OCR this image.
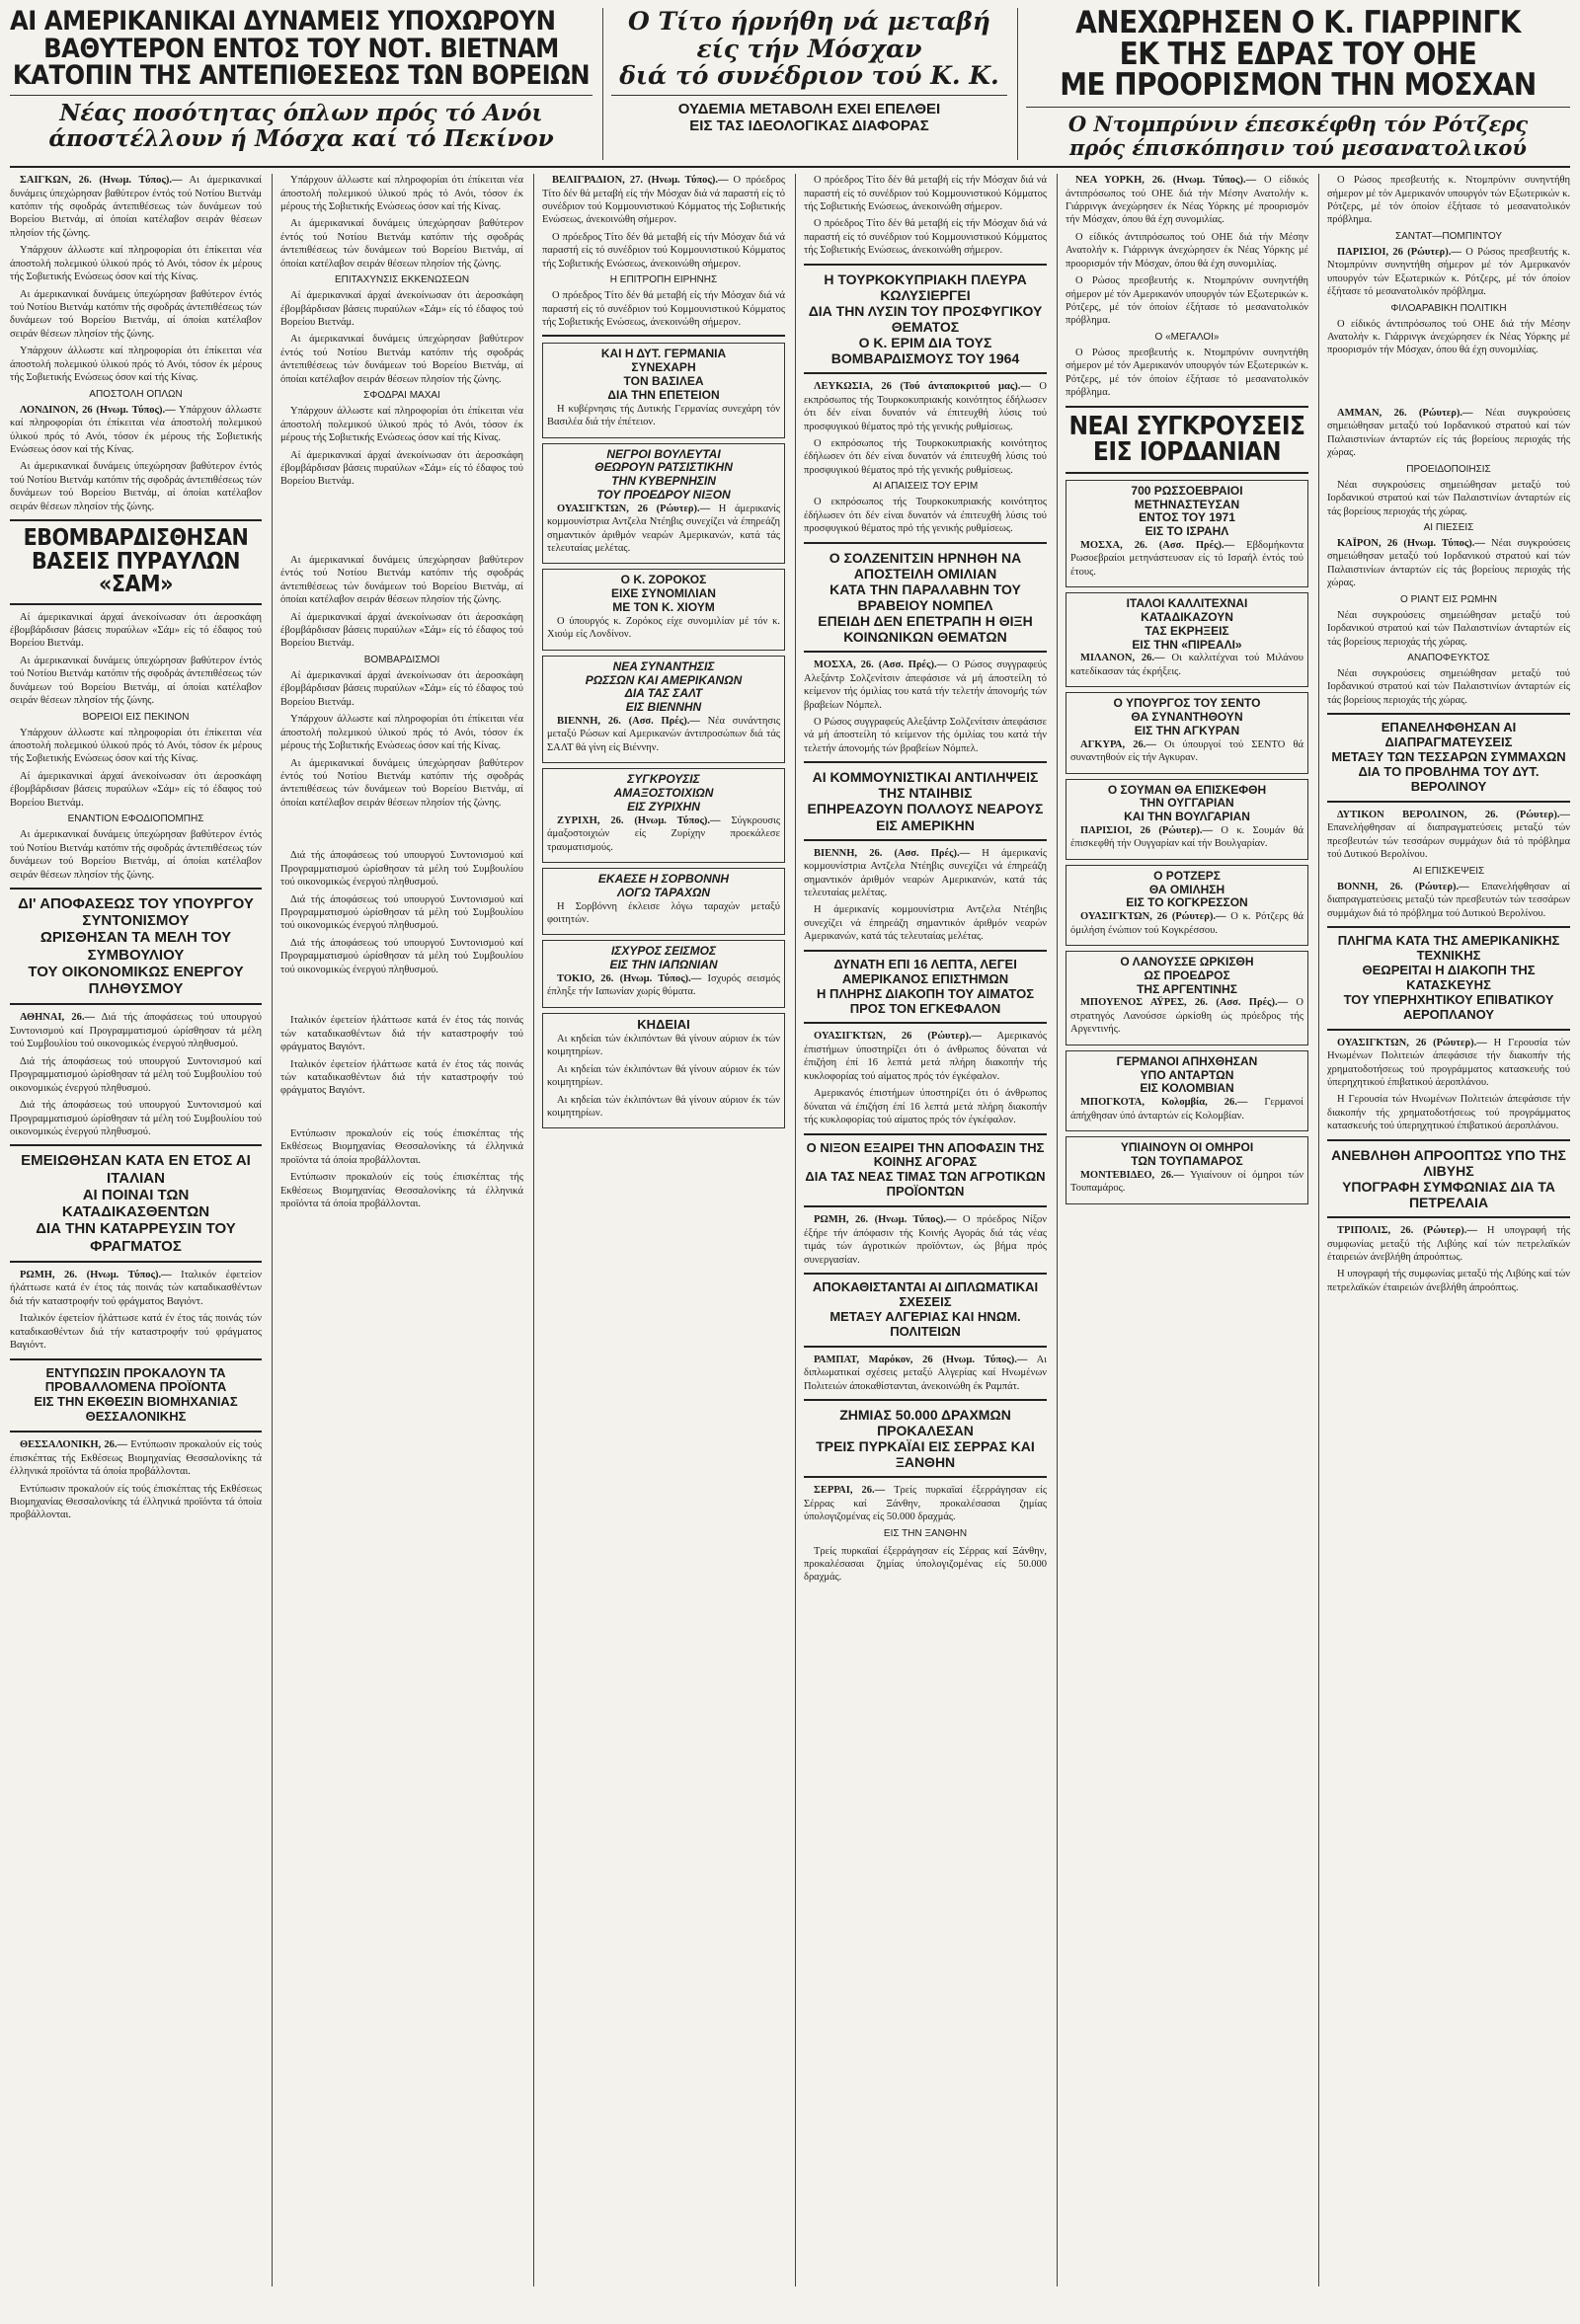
ΑΙ ΑΜΕΡΙΚΑΝΙΚΑΙ ΔΥΝΑΜΕΙΣ ΥΠΟΧΩΡΟΥΝ
ΒΑΘΥΤΕΡΟΝ ΕΝΤΟΣ ΤΟΥ ΝΟΤ. ΒΙΕΤΝΑΜ
ΚΑΤΟΠΙΝ ΤΗΣ ΑΝΤΕΠΙΘΕΣΕΩΣ ΤΩΝ ΒΟΡΕΙΩΝ
Νέας ποσότητας όπλων πρός τό Ανόι
άποστέλλουν ή Μόσχα καί τό Πεκίνον
Ο Τίτο ήρνήθη νά μεταβή
είς τήν Μόσχαν
διά τό συνέδριον τού Κ. Κ.
ΟΥΔΕΜΙΑ ΜΕΤΑΒΟΛΗ ΕΧΕΙ ΕΠΕΛΘΕΙ
ΕΙΣ ΤΑΣ ΙΔΕΟΛΟΓΙΚΑΣ ΔΙΑΦΟΡΑΣ
ΑΝΕΧΩΡΗΣΕΝ Ο Κ. ΓΙΑΡΡΙΝΓΚ
ΕΚ ΤΗΣ ΕΔΡΑΣ ΤΟΥ ΟΗΕ
ΜΕ ΠΡΟΟΡΙΣΜΟΝ ΤΗΝ ΜΟΣΧΑΝ
Ο Ντομπρύνιν έπεσκέφθη τόν Ρότζερς
πρός έπισκόπησιν τού μεσανατολικού

ΣΑΙΓΚΩΝ, 26. (Ηνωμ. Τύπος).— Αι άμερικανικαί δυνάμεις ύπεχώρησαν βαθύτερον έντός τού Νοτίου Βιετνάμ κατόπιν τής σφοδράς άντεπιθέσεως τών δυνάμεων τού Βορείου Βιετνάμ, αί όποίαι κατέλαβον σειράν θέσεων πλησίον τής ζώνης.

Υπάρχουν άλλωστε καί πληροφορίαι ότι έπίκειται νέα άποστολή πολεμικού ύλικού πρός τό Ανόι, τόσον έκ μέρους τής Σοβιετικής Ενώσεως όσον καί τής Κίνας.

Αι άμερικανικαί δυνάμεις ύπεχώρησαν βαθύτερον έντός τού Νοτίου Βιετνάμ κατόπιν τής σφοδράς άντεπιθέσεως τών δυνάμεων τού Βορείου Βιετνάμ, αί όποίαι κατέλαβον σειράν θέσεων πλησίον τής ζώνης.

Υπάρχουν άλλωστε καί πληροφορίαι ότι έπίκειται νέα άποστολή πολεμικού ύλικού πρός τό Ανόι, τόσον έκ μέρους τής Σοβιετικής Ενώσεως όσον καί τής Κίνας.

ΑΠΟΣΤΟΛΗ ΟΠΛΩΝ

ΛΟΝΔΙΝΟΝ, 26 (Ηνωμ. Τύπος).— Υπάρχουν άλλωστε καί πληροφορίαι ότι έπίκειται νέα άποστολή πολεμικού ύλικού πρός τό Ανόι, τόσον έκ μέρους τής Σοβιετικής Ενώσεως όσον καί τής Κίνας.

Αι άμερικανικαί δυνάμεις ύπεχώρησαν βαθύτερον έντός τού Νοτίου Βιετνάμ κατόπιν τής σφοδράς άντεπιθέσεως τών δυνάμεων τού Βορείου Βιετνάμ, αί όποίαι κατέλαβον σειράν θέσεων πλησίον τής ζώνης.

ΕΒΟΜΒΑΡΔΙΣΘΗΣΑΝ ΒΑΣΕΙΣ ΠΥΡΑΥΛΩΝ «ΣΑΜ»

Αί άμερικανικαί άρχαί άνεκοίνωσαν ότι άεροσκάφη έβομβάρδισαν βάσεις πυραύλων «Σάμ» είς τό έδαφος τού Βορείου Βιετνάμ.

Αι άμερικανικαί δυνάμεις ύπεχώρησαν βαθύτερον έντός τού Νοτίου Βιετνάμ κατόπιν τής σφοδράς άντεπιθέσεως τών δυνάμεων τού Βορείου Βιετνάμ, αί όποίαι κατέλαβον σειράν θέσεων πλησίον τής ζώνης.

ΒΟΡΕΙΟΙ ΕΙΣ ΠΕΚΙΝΟΝ

Υπάρχουν άλλωστε καί πληροφορίαι ότι έπίκειται νέα άποστολή πολεμικού ύλικού πρός τό Ανόι, τόσον έκ μέρους τής Σοβιετικής Ενώσεως όσον καί τής Κίνας.

Αί άμερικανικαί άρχαί άνεκοίνωσαν ότι άεροσκάφη έβομβάρδισαν βάσεις πυραύλων «Σάμ» είς τό έδαφος τού Βορείου Βιετνάμ.

ΕΝΑΝΤΙΟΝ ΕΦΟΔΙΟΠΟΜΠΗΣ

Αι άμερικανικαί δυνάμεις ύπεχώρησαν βαθύτερον έντός τού Νοτίου Βιετνάμ κατόπιν τής σφοδράς άντεπιθέσεως τών δυνάμεων τού Βορείου Βιετνάμ, αί όποίαι κατέλαβον σειράν θέσεων πλησίον τής ζώνης.

ΔΙ' ΑΠΟΦΑΣΕΩΣ ΤΟΥ ΥΠΟΥΡΓΟΥ ΣΥΝΤΟΝΙΣΜΟΥ
ΩΡΙΣΘΗΣΑΝ ΤΑ ΜΕΛΗ ΤΟΥ ΣΥΜΒΟΥΛΙΟΥ
ΤΟΥ ΟΙΚΟΝΟΜΙΚΩΣ ΕΝΕΡΓΟΥ ΠΛΗΘΥΣΜΟΥ

ΑΘΗΝΑΙ, 26.— Διά τής άποφάσεως τού υπουργού Συντονισμού καί Προγραμματισμού ώρίσθησαν τά μέλη τού Συμβουλίου τού οικονομικώς ένεργού πληθυσμού.

Διά τής άποφάσεως τού υπουργού Συντονισμού καί Προγραμματισμού ώρίσθησαν τά μέλη τού Συμβουλίου τού οικονομικώς ένεργού πληθυσμού.

Διά τής άποφάσεως τού υπουργού Συντονισμού καί Προγραμματισμού ώρίσθησαν τά μέλη τού Συμβουλίου τού οικονομικώς ένεργού πληθυσμού.

ΕΜΕΙΩΘΗΣΑΝ ΚΑΤΑ ΕΝ ΕΤΟΣ ΑΙ ΙΤΑΛΙΑΝ
ΑΙ ΠΟΙΝΑΙ ΤΩΝ ΚΑΤΑΔΙΚΑΣΘΕΝΤΩΝ
ΔΙΑ ΤΗΝ ΚΑΤΑΡΡΕΥΣΙΝ ΤΟΥ ΦΡΑΓΜΑΤΟΣ

ΡΩΜΗ, 26. (Ηνωμ. Τύπος).— Ιταλικόν έφετείον ήλάττωσε κατά έν έτος τάς ποινάς τών καταδικασθέντων διά τήν καταστροφήν τού φράγματος Βαγιόντ.

Ιταλικόν έφετείον ήλάττωσε κατά έν έτος τάς ποινάς τών καταδικασθέντων διά τήν καταστροφήν τού φράγματος Βαγιόντ.

ΕΝΤΥΠΩΣΙΝ ΠΡΟΚΑΛΟΥΝ ΤΑ ΠΡΟΒΑΛΛΟΜΕΝΑ ΠΡΟΪΟΝΤΑ
ΕΙΣ ΤΗΝ ΕΚΘΕΣΙΝ ΒΙΟΜΗΧΑΝΙΑΣ ΘΕΣΣΑΛΟΝΙΚΗΣ

ΘΕΣΣΑΛΟΝΙΚΗ, 26.— Εντύπωσιν προκαλούν είς τούς έπισκέπτας τής Εκθέσεως Βιομηχανίας Θεσσαλονίκης τά έλληνικά προϊόντα τά όποία προβάλλονται.

Εντύπωσιν προκαλούν είς τούς έπισκέπτας τής Εκθέσεως Βιομηχανίας Θεσσαλονίκης τά έλληνικά προϊόντα τά όποία προβάλλονται.

Υπάρχουν άλλωστε καί πληροφορίαι ότι έπίκειται νέα άποστολή πολεμικού ύλικού πρός τό Ανόι, τόσον έκ μέρους τής Σοβιετικής Ενώσεως όσον καί τής Κίνας.

Αι άμερικανικαί δυνάμεις ύπεχώρησαν βαθύτερον έντός τού Νοτίου Βιετνάμ κατόπιν τής σφοδράς άντεπιθέσεως τών δυνάμεων τού Βορείου Βιετνάμ, αί όποίαι κατέλαβον σειράν θέσεων πλησίον τής ζώνης.

ΕΠΙΤΑΧΥΝΣΙΣ ΕΚΚΕΝΩΣΕΩΝ

Αί άμερικανικαί άρχαί άνεκοίνωσαν ότι άεροσκάφη έβομβάρδισαν βάσεις πυραύλων «Σάμ» είς τό έδαφος τού Βορείου Βιετνάμ.

Αι άμερικανικαί δυνάμεις ύπεχώρησαν βαθύτερον έντός τού Νοτίου Βιετνάμ κατόπιν τής σφοδράς άντεπιθέσεως τών δυνάμεων τού Βορείου Βιετνάμ, αί όποίαι κατέλαβον σειράν θέσεων πλησίον τής ζώνης.

ΣΦΟΔΡΑΙ ΜΑΧΑΙ

Υπάρχουν άλλωστε καί πληροφορίαι ότι έπίκειται νέα άποστολή πολεμικού ύλικού πρός τό Ανόι, τόσον έκ μέρους τής Σοβιετικής Ενώσεως όσον καί τής Κίνας.

Αί άμερικανικαί άρχαί άνεκοίνωσαν ότι άεροσκάφη έβομβάρδισαν βάσεις πυραύλων «Σάμ» είς τό έδαφος τού Βορείου Βιετνάμ.

Αι άμερικανικαί δυνάμεις ύπεχώρησαν βαθύτερον έντός τού Νοτίου Βιετνάμ κατόπιν τής σφοδράς άντεπιθέσεως τών δυνάμεων τού Βορείου Βιετνάμ, αί όποίαι κατέλαβον σειράν θέσεων πλησίον τής ζώνης.

Αί άμερικανικαί άρχαί άνεκοίνωσαν ότι άεροσκάφη έβομβάρδισαν βάσεις πυραύλων «Σάμ» είς τό έδαφος τού Βορείου Βιετνάμ.

ΒΟΜΒΑΡΔΙΣΜΟΙ

Αί άμερικανικαί άρχαί άνεκοίνωσαν ότι άεροσκάφη έβομβάρδισαν βάσεις πυραύλων «Σάμ» είς τό έδαφος τού Βορείου Βιετνάμ.

Υπάρχουν άλλωστε καί πληροφορίαι ότι έπίκειται νέα άποστολή πολεμικού ύλικού πρός τό Ανόι, τόσον έκ μέρους τής Σοβιετικής Ενώσεως όσον καί τής Κίνας.

Αι άμερικανικαί δυνάμεις ύπεχώρησαν βαθύτερον έντός τού Νοτίου Βιετνάμ κατόπιν τής σφοδράς άντεπιθέσεως τών δυνάμεων τού Βορείου Βιετνάμ, αί όποίαι κατέλαβον σειράν θέσεων πλησίον τής ζώνης.

Διά τής άποφάσεως τού υπουργού Συντονισμού καί Προγραμματισμού ώρίσθησαν τά μέλη τού Συμβουλίου τού οικονομικώς ένεργού πληθυσμού.

Διά τής άποφάσεως τού υπουργού Συντονισμού καί Προγραμματισμού ώρίσθησαν τά μέλη τού Συμβουλίου τού οικονομικώς ένεργού πληθυσμού.

Διά τής άποφάσεως τού υπουργού Συντονισμού καί Προγραμματισμού ώρίσθησαν τά μέλη τού Συμβουλίου τού οικονομικώς ένεργού πληθυσμού.

Ιταλικόν έφετείον ήλάττωσε κατά έν έτος τάς ποινάς τών καταδικασθέντων διά τήν καταστροφήν τού φράγματος Βαγιόντ.

Ιταλικόν έφετείον ήλάττωσε κατά έν έτος τάς ποινάς τών καταδικασθέντων διά τήν καταστροφήν τού φράγματος Βαγιόντ.

Εντύπωσιν προκαλούν είς τούς έπισκέπτας τής Εκθέσεως Βιομηχανίας Θεσσαλονίκης τά έλληνικά προϊόντα τά όποία προβάλλονται.

Εντύπωσιν προκαλούν είς τούς έπισκέπτας τής Εκθέσεως Βιομηχανίας Θεσσαλονίκης τά έλληνικά προϊόντα τά όποία προβάλλονται.

ΒΕΛΙΓΡΑΔΙΟΝ, 27. (Ηνωμ. Τύπος).— Ο πρόεδρος Τίτο δέν θά μεταβή είς τήν Μόσχαν διά νά παραστή είς τό συνέδριον τού Κομμουνιστικού Κόμματος τής Σοβιετικής Ενώσεως, άνεκοινώθη σήμερον.

Ο πρόεδρος Τίτο δέν θά μεταβή είς τήν Μόσχαν διά νά παραστή είς τό συνέδριον τού Κομμουνιστικού Κόμματος τής Σοβιετικής Ενώσεως, άνεκοινώθη σήμερον.

Η ΕΠΙΤΡΟΠΗ ΕΙΡΗΝΗΣ

Ο πρόεδρος Τίτο δέν θά μεταβή είς τήν Μόσχαν διά νά παραστή είς τό συνέδριον τού Κομμουνιστικού Κόμματος τής Σοβιετικής Ενώσεως, άνεκοινώθη σήμερον.

ΚΑΙ Η ΔΥΤ. ΓΕΡΜΑΝΙΑ
ΣΥΝΕΧΑΡΗ
ΤΟΝ ΒΑΣΙΛΕΑ
ΔΙΑ ΤΗΝ ΕΠΕΤΕΙΟΝ

Η κυβέρνησις τής Δυτικής Γερμανίας συνεχάρη τόν Βασιλέα διά τήν έπέτειον.

ΝΕΓΡΟΙ ΒΟΥΛΕΥΤΑΙ
ΘΕΩΡΟΥΝ ΡΑΤΣΙΣΤΙΚΗΝ
ΤΗΝ ΚΥΒΕΡΝΗΣΙΝ
ΤΟΥ ΠΡΟΕΔΡΟΥ ΝΙΞΟΝ

ΟΥΑΣΙΓΚΤΩΝ, 26 (Ρώυτερ).— Η άμερικανίς κομμουνίστρια Αντζελα Ντέηβις συνεχίζει νά έπηρεάζη σημαντικόν άριθμόν νεαρών Αμερικανών, κατά τάς τελευταίας μελέτας.

Ο Κ. ΖΟΡΟΚΟΣ
ΕΙΧΕ ΣΥΝΟΜΙΛΙΑΝ
ΜΕ ΤΟΝ Κ. ΧΙΟΥΜ

Ο ύπουργός κ. Ζορόκος είχε συνομιλίαν μέ τόν κ. Χιούμ είς Λονδίνον.

ΝΕΑ ΣΥΝΑΝΤΗΣΙΣ
ΡΩΣΣΩΝ ΚΑΙ ΑΜΕΡΙΚΑΝΩΝ
ΔΙΑ ΤΑΣ ΣΑΛΤ
ΕΙΣ ΒΙΕΝΝΗΝ

ΒΙΕΝΝΗ, 26. (Ασσ. Πρές).— Νέα συνάντησις μεταξύ Ρώσων καί Αμερικανών άντιπροσώπων διά τάς ΣΑΛΤ θά γίνη είς Βιέννην.

ΣΥΓΚΡΟΥΣΙΣ
ΑΜΑΞΟΣΤΟΙΧΙΩΝ
ΕΙΣ ΖΥΡΙΧΗΝ

ΖΥΡΙΧΗ, 26. (Ηνωμ. Τύπος).— Σύγκρουσις άμαξοστοιχιών είς Ζυρίχην προεκάλεσε τραυματισμούς.

ΕΚΑΕΣΕ Η ΣΟΡΒΟΝΝΗ
ΛΟΓΩ ΤΑΡΑΧΩΝ

Η Σορβόννη έκλεισε λόγω ταραχών μεταξύ φοιτητών.

ΙΣΧΥΡΟΣ ΣΕΙΣΜΟΣ
ΕΙΣ ΤΗΝ ΙΑΠΩΝΙΑΝ

ΤΟΚΙΟ, 26. (Ηνωμ. Τύπος).— Ισχυρός σεισμός έπληξε τήν Ιαπωνίαν χωρίς θύματα.

ΚΗΔΕΙΑΙ

Αι κηδείαι τών έκλιπόντων θά γίνουν αύριον έκ τών κοιμητηρίων.

Αι κηδείαι τών έκλιπόντων θά γίνουν αύριον έκ τών κοιμητηρίων.

Αι κηδείαι τών έκλιπόντων θά γίνουν αύριον έκ τών κοιμητηρίων.

Ο πρόεδρος Τίτο δέν θά μεταβή είς τήν Μόσχαν διά νά παραστή είς τό συνέδριον τού Κομμουνιστικού Κόμματος τής Σοβιετικής Ενώσεως, άνεκοινώθη σήμερον.

Ο πρόεδρος Τίτο δέν θά μεταβή είς τήν Μόσχαν διά νά παραστή είς τό συνέδριον τού Κομμουνιστικού Κόμματος τής Σοβιετικής Ενώσεως, άνεκοινώθη σήμερον.

Η ΤΟΥΡΚΟΚΥΠΡΙΑΚΗ ΠΛΕΥΡΑ ΚΩΛΥΣΙΕΡΓΕΙ
ΔΙΑ ΤΗΝ ΛΥΣΙΝ ΤΟΥ ΠΡΟΣΦΥΓΙΚΟΥ ΘΕΜΑΤΟΣ
Ο Κ. ΕΡΙΜ ΔΙΑ ΤΟΥΣ ΒΟΜΒΑΡΔΙΣΜΟΥΣ ΤΟΥ 1964

ΛΕΥΚΩΣΙΑ, 26 (Τού άνταποκριτού μας).— Ο εκπρόσωπος τής Τουρκοκυπριακής κοινότητος έδήλωσεν ότι δέν είναι δυνατόν νά έπιτευχθή λύσις τού προσφυγικού θέματος πρό τής γενικής ρυθμίσεως.

Ο εκπρόσωπος τής Τουρκοκυπριακής κοινότητος έδήλωσεν ότι δέν είναι δυνατόν νά έπιτευχθή λύσις τού προσφυγικού θέματος πρό τής γενικής ρυθμίσεως.

ΑΙ ΑΠΑΙΣΕΙΣ ΤΟΥ ΕΡΙΜ

Ο εκπρόσωπος τής Τουρκοκυπριακής κοινότητος έδήλωσεν ότι δέν είναι δυνατόν νά έπιτευχθή λύσις τού προσφυγικού θέματος πρό τής γενικής ρυθμίσεως.

Ο ΣΟΛΖΕΝΙΤΣΙΝ ΗΡΝΗΘΗ ΝΑ ΑΠΟΣΤΕΙΛΗ ΟΜΙΛΙΑΝ
ΚΑΤΑ ΤΗΝ ΠΑΡΑΛΑΒΗΝ ΤΟΥ ΒΡΑΒΕΙΟΥ ΝΟΜΠΕΛ
ΕΠΕΙΔΗ ΔΕΝ ΕΠΕΤΡΑΠΗ Η ΘΙΞΗ ΚΟΙΝΩΝΙΚΩΝ ΘΕΜΑΤΩΝ

ΜΟΣΧΑ, 26. (Ασσ. Πρές).— Ο Ρώσος συγγραφεύς Αλεξάντρ Σολζενίτσιν άπεφάσισε νά μή άποστείλη τό κείμενον τής όμιλίας του κατά τήν τελετήν άπονομής τών βραβείων Νόμπελ.

Ο Ρώσος συγγραφεύς Αλεξάντρ Σολζενίτσιν άπεφάσισε νά μή άποστείλη τό κείμενον τής όμιλίας του κατά τήν τελετήν άπονομής τών βραβείων Νόμπελ.

ΑΙ ΚΟΜΜΟΥΝΙΣΤΙΚΑΙ ΑΝΤΙΛΗΨΕΙΣ ΤΗΣ ΝΤΑΙΗΒΙΣ
ΕΠΗΡΕΑΖΟΥΝ ΠΟΛΛΟΥΣ ΝΕΑΡΟΥΣ ΕΙΣ ΑΜΕΡΙΚΗΝ

ΒΙΕΝΝΗ, 26. (Ασσ. Πρές).— Η άμερικανίς κομμουνίστρια Αντζελα Ντέηβις συνεχίζει νά έπηρεάζη σημαντικόν άριθμόν νεαρών Αμερικανών, κατά τάς τελευταίας μελέτας.

Η άμερικανίς κομμουνίστρια Αντζελα Ντέηβις συνεχίζει νά έπηρεάζη σημαντικόν άριθμόν νεαρών Αμερικανών, κατά τάς τελευταίας μελέτας.

ΔΥΝΑΤΗ ΕΠΙ 16 ΛΕΠΤΑ, ΛΕΓΕΙ ΑΜΕΡΙΚΑΝΟΣ ΕΠΙΣΤΗΜΩΝ
Η ΠΛΗΡΗΣ ΔΙΑΚΟΠΗ ΤΟΥ ΑΙΜΑΤΟΣ ΠΡΟΣ ΤΟΝ ΕΓΚΕΦΑΛΟΝ

ΟΥΑΣΙΓΚΤΩΝ, 26 (Ρώυτερ).— Αμερικανός έπιστήμων ύποστηρίζει ότι ό άνθρωπος δύναται νά έπιζήση έπί 16 λεπτά μετά πλήρη διακοπήν τής κυκλοφορίας τού αίματος πρός τόν έγκέφαλον.

Αμερικανός έπιστήμων ύποστηρίζει ότι ό άνθρωπος δύναται νά έπιζήση έπί 16 λεπτά μετά πλήρη διακοπήν τής κυκλοφορίας τού αίματος πρός τόν έγκέφαλον.

Ο ΝΙΞΟΝ ΕΞΑΙΡΕΙ ΤΗΝ ΑΠΟΦΑΣΙΝ ΤΗΣ ΚΟΙΝΗΣ ΑΓΟΡΑΣ
ΔΙΑ ΤΑΣ ΝΕΑΣ ΤΙΜΑΣ ΤΩΝ ΑΓΡΟΤΙΚΩΝ ΠΡΟΪΟΝΤΩΝ

ΡΩΜΗ, 26. (Ηνωμ. Τύπος).— Ο πρόεδρος Νίξον έξήρε τήν άπόφασιν τής Κοινής Αγοράς διά τάς νέας τιμάς τών άγροτικών προϊόντων, ώς βήμα πρός συνεργασίαν.

ΑΠΟΚΑΘΙΣΤΑΝΤΑΙ ΑΙ ΔΙΠΛΩΜΑΤΙΚΑΙ ΣΧΕΣΕΙΣ
ΜΕΤΑΞΥ ΑΛΓΕΡΙΑΣ ΚΑΙ ΗΝΩΜ. ΠΟΛΙΤΕΙΩΝ

ΡΑΜΠΑΤ, Μαρόκον, 26 (Ηνωμ. Τύπος).— Αι διπλωματικαί σχέσεις μεταξύ Αλγερίας καί Ηνωμένων Πολιτειών άποκαθίστανται, άνεκοινώθη έκ Ραμπάτ.

ΖΗΜΙΑΣ 50.000 ΔΡΑΧΜΩΝ ΠΡΟΚΑΛΕΣΑΝ
ΤΡΕΙΣ ΠΥΡΚΑΪΑΙ ΕΙΣ ΣΕΡΡΑΣ ΚΑΙ ΞΑΝΘΗΝ

ΣΕΡΡΑΙ, 26.— Τρείς πυρκαϊαί έξερράγησαν είς Σέρρας καί Ξάνθην, προκαλέσασαι ζημίας ύπολογιζομένας είς 50.000 δραχμάς.

ΕΙΣ ΤΗΝ ΞΑΝΘΗΝ

Τρείς πυρκαϊαί έξερράγησαν είς Σέρρας καί Ξάνθην, προκαλέσασαι ζημίας ύπολογιζομένας είς 50.000 δραχμάς.

ΝΕΑ ΥΟΡΚΗ, 26. (Ηνωμ. Τύπος).— Ο είδικός άντιπρόσωπος τού ΟΗΕ διά τήν Μέσην Ανατολήν κ. Γιάρρινγκ άνεχώρησεν έκ Νέας Υόρκης μέ προορισμόν τήν Μόσχαν, όπου θά έχη συνομιλίας.

Ο είδικός άντιπρόσωπος τού ΟΗΕ διά τήν Μέσην Ανατολήν κ. Γιάρρινγκ άνεχώρησεν έκ Νέας Υόρκης μέ προορισμόν τήν Μόσχαν, όπου θά έχη συνομιλίας.

Ο Ρώσος πρεσβευτής κ. Ντομπρύνιν συνηντήθη σήμερον μέ τόν Αμερικανόν υπουργόν τών Εξωτερικών κ. Ρότζερς, μέ τόν όποίον έξήτασε τό μεσανατολικόν πρόβλημα.

Ο «ΜΕΓΑΛΟΙ»

Ο Ρώσος πρεσβευτής κ. Ντομπρύνιν συνηντήθη σήμερον μέ τόν Αμερικανόν υπουργόν τών Εξωτερικών κ. Ρότζερς, μέ τόν όποίον έξήτασε τό μεσανατολικόν πρόβλημα.

ΝΕΑΙ ΣΥΓΚΡΟΥΣΕΙΣ ΕΙΣ ΙΟΡΔΑΝΙΑΝ
700 ΡΩΣΣΟΕΒΡΑΙΟΙ
ΜΕΤΗΝΑΣΤΕΥΣΑΝ
ΕΝΤΟΣ ΤΟΥ 1971
ΕΙΣ ΤΟ ΙΣΡΑΗΛ

ΜΟΣΧΑ, 26. (Ασσ. Πρές).— Εβδομήκοντα Ρωσοεβραίοι μετηνάστευσαν είς τό Ισραήλ έντός τού έτους.

ΙΤΑΛΟΙ ΚΑΛΛΙΤΕΧΝΑΙ
ΚΑΤΑΔΙΚΑΖΟΥΝ
ΤΑΣ ΕΚΡΗΞΕΙΣ
ΕΙΣ ΤΗΝ «ΠΙΡΕΑΛΙ»

ΜΙΛΑΝΟΝ, 26.— Οι καλλιτέχναι τού Μιλάνου κατεδίκασαν τάς έκρήξεις.

Ο ΥΠΟΥΡΓΟΣ ΤΟΥ ΣΕΝΤΟ
ΘΑ ΣΥΝΑΝΤΗΘΟΥΝ
ΕΙΣ ΤΗΝ ΑΓΚΥΡΑΝ

ΑΓΚΥΡΑ, 26.— Οι ύπουργοί τού ΣΕΝΤΟ θά συναντηθούν είς τήν Αγκυραν.

Ο ΣΟΥΜΑΝ ΘΑ ΕΠΙΣΚΕΦΘΗ
ΤΗΝ ΟΥΓΓΑΡΙΑΝ
ΚΑΙ ΤΗΝ ΒΟΥΛΓΑΡΙΑΝ

ΠΑΡΙΣΙΟΙ, 26 (Ρώυτερ).— Ο κ. Σουμάν θά έπισκεφθή τήν Ουγγαρίαν καί τήν Βουλγαρίαν.

Ο ΡΟΤΖΕΡΣ
ΘΑ ΟΜΙΛΗΣΗ
ΕΙΣ ΤΟ ΚΟΓΚΡΕΣΣΟΝ

ΟΥΑΣΙΓΚΤΩΝ, 26 (Ρώυτερ).— Ο κ. Ρότζερς θά όμιλήση ένώπιον τού Κογκρέσσου.

Ο ΛΑΝΟΥΣΣΕ ΩΡΚΙΣΘΗ
ΩΣ ΠΡΟΕΔΡΟΣ
ΤΗΣ ΑΡΓΕΝΤΙΝΗΣ

ΜΠΟΥΕΝΟΣ ΑΫΡΕΣ, 26. (Ασσ. Πρές).— Ο στρατηγός Λανούσσε ώρκίσθη ώς πρόεδρος τής Αργεντινής.

ΓΕΡΜΑΝΟΙ ΑΠΗΧΘΗΣΑΝ
ΥΠΟ ΑΝΤΑΡΤΩΝ
ΕΙΣ ΚΟΛΟΜΒΙΑΝ

ΜΠΟΓΚΟΤΑ, Κολομβία, 26.— Γερμανοί άπήχθησαν ύπό άνταρτών είς Κολομβίαν.

ΥΠΙΑΙΝΟΥΝ ΟΙ ΟΜΗΡΟΙ
ΤΩΝ ΤΟΥΠΑΜΑΡΟΣ

ΜΟΝΤΕΒΙΔΕΟ, 26.— Υγιαίνουν οί όμηροι τών Τουπαμάρος.

Ο Ρώσος πρεσβευτής κ. Ντομπρύνιν συνηντήθη σήμερον μέ τόν Αμερικανόν υπουργόν τών Εξωτερικών κ. Ρότζερς, μέ τόν όποίον έξήτασε τό μεσανατολικόν πρόβλημα.

ΣΑΝΤΑΤ—ΠΟΜΠΙΝΤΟΥ

ΠΑΡΙΣΙΟΙ, 26 (Ρώυτερ).— Ο Ρώσος πρεσβευτής κ. Ντομπρύνιν συνηντήθη σήμερον μέ τόν Αμερικανόν υπουργόν τών Εξωτερικών κ. Ρότζερς, μέ τόν όποίον έξήτασε τό μεσανατολικόν πρόβλημα.

ΦΙΛΟΑΡΑΒΙΚΗ ΠΟΛΙΤΙΚΗ

Ο είδικός άντιπρόσωπος τού ΟΗΕ διά τήν Μέσην Ανατολήν κ. Γιάρρινγκ άνεχώρησεν έκ Νέας Υόρκης μέ προορισμόν τήν Μόσχαν, όπου θά έχη συνομιλίας.

ΑΜΜΑΝ, 26. (Ρώυτερ).— Νέαι συγκρούσεις σημειώθησαν μεταξύ τού Ιορδανικού στρατού καί τών Παλαιστινίων άνταρτών είς τάς βορείους περιοχάς τής χώρας.

ΠΡΟΕΙΔΟΠΟΙΗΣΙΣ

Νέαι συγκρούσεις σημειώθησαν μεταξύ τού Ιορδανικού στρατού καί τών Παλαιστινίων άνταρτών είς τάς βορείους περιοχάς τής χώρας.

ΑΙ ΠΙΕΣΕΙΣ

ΚΑΪΡΟΝ, 26 (Ηνωμ. Τύπος).— Νέαι συγκρούσεις σημειώθησαν μεταξύ τού Ιορδανικού στρατού καί τών Παλαιστινίων άνταρτών είς τάς βορείους περιοχάς τής χώρας.

Ο ΡΙΑΝΤ ΕΙΣ ΡΩΜΗΝ

Νέαι συγκρούσεις σημειώθησαν μεταξύ τού Ιορδανικού στρατού καί τών Παλαιστινίων άνταρτών είς τάς βορείους περιοχάς τής χώρας.

ΑΝΑΠΟΦΕΥΚΤΟΣ

Νέαι συγκρούσεις σημειώθησαν μεταξύ τού Ιορδανικού στρατού καί τών Παλαιστινίων άνταρτών είς τάς βορείους περιοχάς τής χώρας.

ΕΠΑΝΕΛΗΦΘΗΣΑΝ ΑΙ ΔΙΑΠΡΑΓΜΑΤΕΥΣΕΙΣ
ΜΕΤΑΞΥ ΤΩΝ ΤΕΣΣΑΡΩΝ ΣΥΜΜΑΧΩΝ
ΔΙΑ ΤΟ ΠΡΟΒΛΗΜΑ ΤΟΥ ΔΥΤ. ΒΕΡΟΛΙΝΟΥ

ΔΥΤΙΚΟΝ ΒΕΡΟΛΙΝΟΝ, 26. (Ρώυτερ).— Επανελήφθησαν αί διαπραγματεύσεις μεταξύ τών πρεσβευτών τών τεσσάρων συμμάχων διά τό πρόβλημα τού Δυτικού Βερολίνου.

ΑΙ ΕΠΙΣΚΕΨΕΙΣ

ΒΟΝΝΗ, 26. (Ρώυτερ).— Επανελήφθησαν αί διαπραγματεύσεις μεταξύ τών πρεσβευτών τών τεσσάρων συμμάχων διά τό πρόβλημα τού Δυτικού Βερολίνου.

ΠΛΗΓΜΑ ΚΑΤΑ ΤΗΣ ΑΜΕΡΙΚΑΝΙΚΗΣ ΤΕΧΝΙΚΗΣ
ΘΕΩΡΕΙΤΑΙ Η ΔΙΑΚΟΠΗ ΤΗΣ ΚΑΤΑΣΚΕΥΗΣ
ΤΟΥ ΥΠΕΡΗΧΗΤΙΚΟΥ ΕΠΙΒΑΤΙΚΟΥ ΑΕΡΟΠΛΑΝΟΥ

ΟΥΑΣΙΓΚΤΩΝ, 26 (Ρώυτερ).— Η Γερουσία τών Ηνωμένων Πολιτειών άπεφάσισε τήν διακοπήν τής χρηματοδοτήσεως τού προγράμματος κατασκευής τού ύπερηχητικού έπιβατικού άεροπλάνου.

Η Γερουσία τών Ηνωμένων Πολιτειών άπεφάσισε τήν διακοπήν τής χρηματοδοτήσεως τού προγράμματος κατασκευής τού ύπερηχητικού έπιβατικού άεροπλάνου.

ΑΝΕΒΛΗΘΗ ΑΠΡΟΟΠΤΩΣ ΥΠΟ ΤΗΣ ΛΙΒΥΗΣ
ΥΠΟΓΡΑΦΗ ΣΥΜΦΩΝΙΑΣ ΔΙΑ ΤΑ ΠΕΤΡΕΛΑΙΑ

ΤΡΙΠΟΛΙΣ, 26. (Ρώυτερ).— Η υπογραφή τής συμφωνίας μεταξύ τής Λιβύης καί τών πετρελαϊκών έταιρειών άνεβλήθη άπροόπτως.

Η υπογραφή τής συμφωνίας μεταξύ τής Λιβύης καί τών πετρελαϊκών έταιρειών άνεβλήθη άπροόπτως.
